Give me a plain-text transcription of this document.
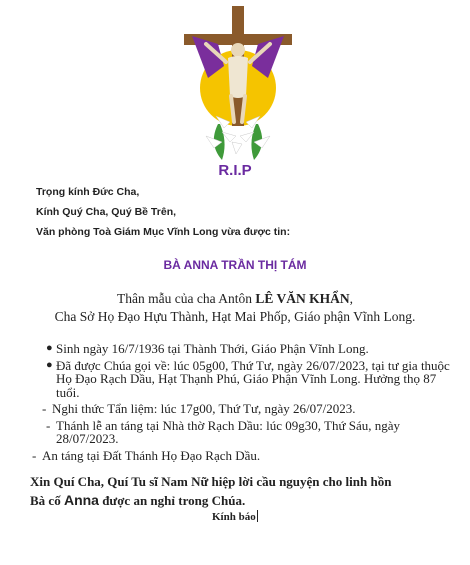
R.I.P
Trọng kính Đức Cha,
Kính Quý Cha, Quý Bề Trên,
Văn phòng Toà Giám Mục Vĩnh Long vừa được tin:
BÀ ANNA TRẦN THỊ TÁM
Thân mẫu của cha Antôn LÊ VĂN KHẨN,
Cha Sở Họ Đạo Hựu Thành, Hạt Mai Phốp, Giáo phận Vĩnh Long.
● Sinh ngày 16/7/1936 tại Thành Thới, Giáo Phận Vĩnh Long.
● Đã được Chúa gọi về: lúc 05g00, Thứ Tư, ngày 26/07/2023, tại tư gia thuộc Họ Đạo Rạch Dầu, Hạt Thạnh Phú, Giáo Phận Vĩnh Long. Hưởng thọ 87 tuổi.
- Nghi thức Tẩn liệm: lúc 17g00, Thứ Tư, ngày 26/07/2023.
- Thánh lễ an táng tại Nhà thờ Rạch Dầu: lúc 09g30, Thứ Sáu, ngày 28/07/2023.
- An táng tại Đất Thánh Họ Đạo Rạch Dầu.
Xin Quí Cha, Quí Tu sĩ Nam Nữ hiệp lời cầu nguyện cho linh hồn
Bà cố Anna được an nghỉ trong Chúa.
Kính báo
